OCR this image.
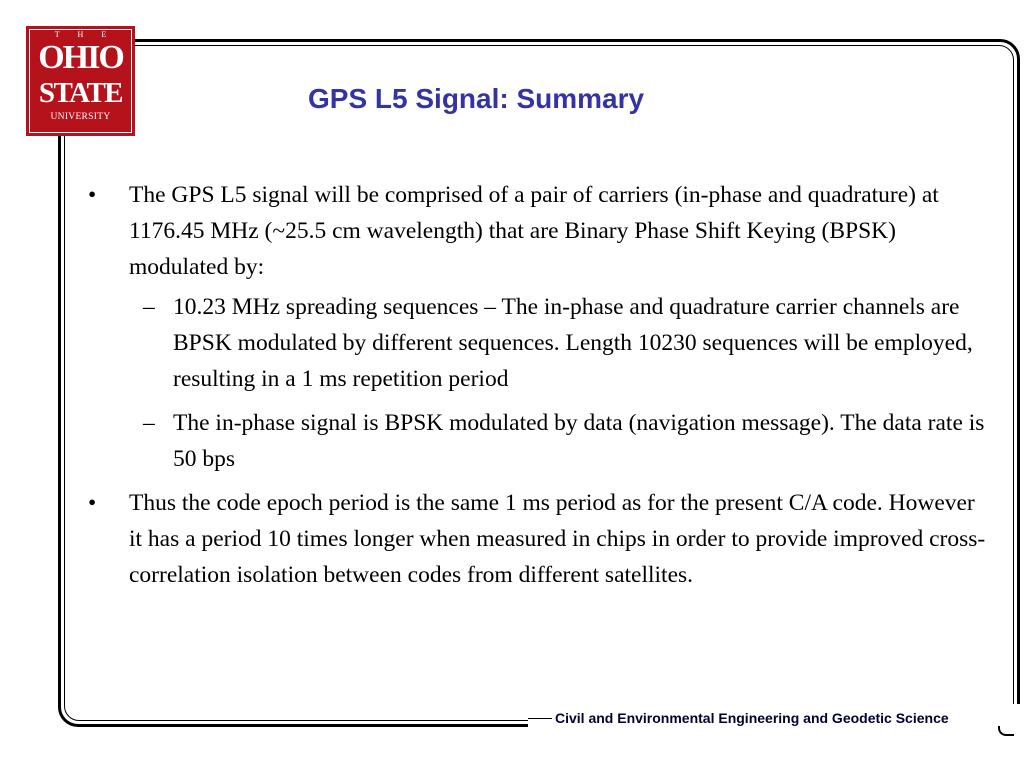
T H E
OHIO
STATE
UNIVERSITY
GPS L5 Signal: Summary
• The GPS L5 signal will be comprised of a pair of carriers (in-phase and quadrature) at 1176.45 MHz (~25.5 cm wavelength) that are Binary Phase Shift Keying (BPSK) modulated by:
– 10.23 MHz spreading sequences – The in-phase and quadrature carrier channels are BPSK modulated by different sequences. Length 10230 sequences will be employed, resulting in a 1 ms repetition period
– The in-phase signal is BPSK modulated by data (navigation message). The data rate is 50 bps
• Thus the code epoch period is the same 1 ms period as for the present C/A code. However it has a period 10 times longer when measured in chips in order to provide improved cross-correlation isolation between codes from different satellites.
Civil and Environmental Engineering and Geodetic Science
